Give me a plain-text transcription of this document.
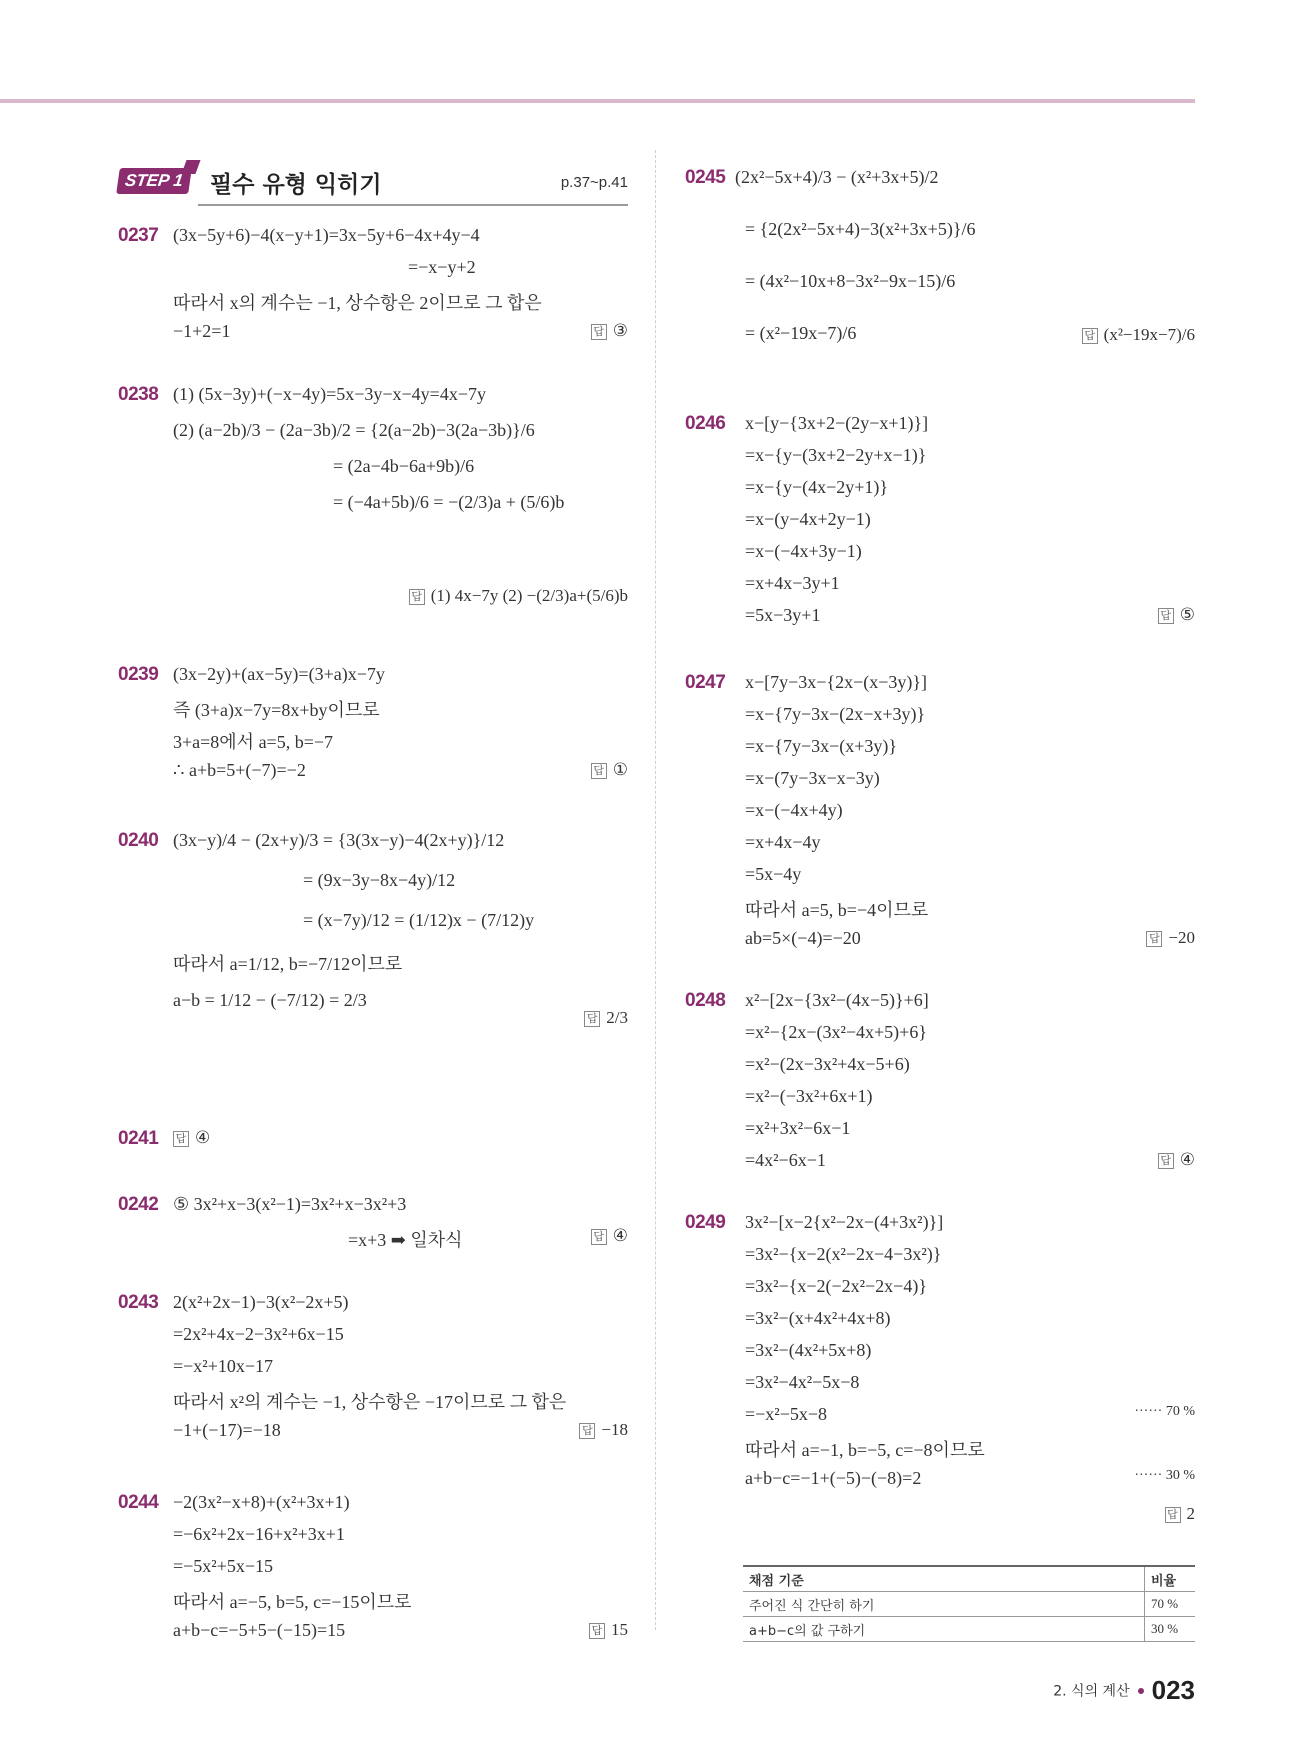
STEP 1	필수 유형 익히기	p.37~p.41
0237 (3x−5y+6)−4(x−y+1)=3x−5y+6−4x+4y−4
=−x−y+2
따라서 x의 계수는 −1, 상수항은 2이므로 그 합은
−1+2=1	답 ③
0238 (1) (5x−3y)+(−x−4y)=5x−3y−x−4y=4x−7y
(2) (a−2b)/3 − (2a−3b)/2 = {2(a−2b)−3(2a−3b)}/6
= (2a−4b−6a+9b)/6
= (−4a+5b)/6 = −(2/3)a + (5/6)b
답 (1) 4x−7y (2) −(2/3)a+(5/6)b
0239 (3x−2y)+(ax−5y)=(3+a)x−7y
즉 (3+a)x−7y=8x+by이므로
3+a=8에서 a=5, b=−7
∴ a+b=5+(−7)=−2	답 ①
0240 (3x−y)/4 − (2x+y)/3 = {3(3x−y)−4(2x+y)}/12
= (9x−3y−8x−4y)/12
= (x−7y)/12 = (1/12)x − (7/12)y
따라서 a=1/12, b=−7/12이므로
a−b = 1/12 − (−7/12) = 2/3
답 2/3
0241 답 ④
0242 ⑤ 3x²+x−3(x²−1)=3x²+x−3x²+3
=x+3 ➡ 일차식	답 ④
0243 2(x²+2x−1)−3(x²−2x+5)
=2x²+4x−2−3x²+6x−15
=−x²+10x−17
따라서 x²의 계수는 −1, 상수항은 −17이므로 그 합은
−1+(−17)=−18	답 −18
0244 −2(3x²−x+8)+(x²+3x+1)
=−6x²+2x−16+x²+3x+1
=−5x²+5x−15
따라서 a=−5, b=5, c=−15이므로
a+b−c=−5+5−(−15)=15	답 15
0245 (2x²−5x+4)/3 − (x²+3x+5)/2
= {2(2x²−5x+4)−3(x²+3x+5)}/6
= (4x²−10x+8−3x²−9x−15)/6
= (x²−19x−7)/6	답 (x²−19x−7)/6
0246 x−[y−{3x+2−(2y−x+1)}]
=x−{y−(3x+2−2y+x−1)}
=x−{y−(4x−2y+1)}
=x−(y−4x+2y−1)
=x−(−4x+3y−1)
=x+4x−3y+1
=5x−3y+1	답 ⑤
0247 x−[7y−3x−{2x−(x−3y)}]
=x−{7y−3x−(2x−x+3y)}
=x−{7y−3x−(x+3y)}
=x−(7y−3x−x−3y)
=x−(−4x+4y)
=x+4x−4y
=5x−4y
따라서 a=5, b=−4이므로
ab=5×(−4)=−20	답 −20
0248 x²−[2x−{3x²−(4x−5)}+6]
=x²−{2x−(3x²−4x+5)+6}
=x²−(2x−3x²+4x−5+6)
=x²−(−3x²+6x+1)
=x²+3x²−6x−1
=4x²−6x−1	답 ④
0249 3x²−[x−2{x²−2x−(4+3x²)}]
=3x²−{x−2(x²−2x−4−3x²)}
=3x²−{x−2(−2x²−2x−4)}
=3x²−(x+4x²+4x+8)
=3x²−(4x²+5x+8)
=3x²−4x²−5x−8
=−x²−5x−8
따라서 a=−1, b=−5, c=−8이므로
a+b−c=−1+(−5)−(−8)=2
······ 70 %
······ 30 %
답 2
채점 기준	비율
주어진 식 간단히 하기	70 %
a+b−c의 값 구하기	30 %
2. 식의 계산 023
